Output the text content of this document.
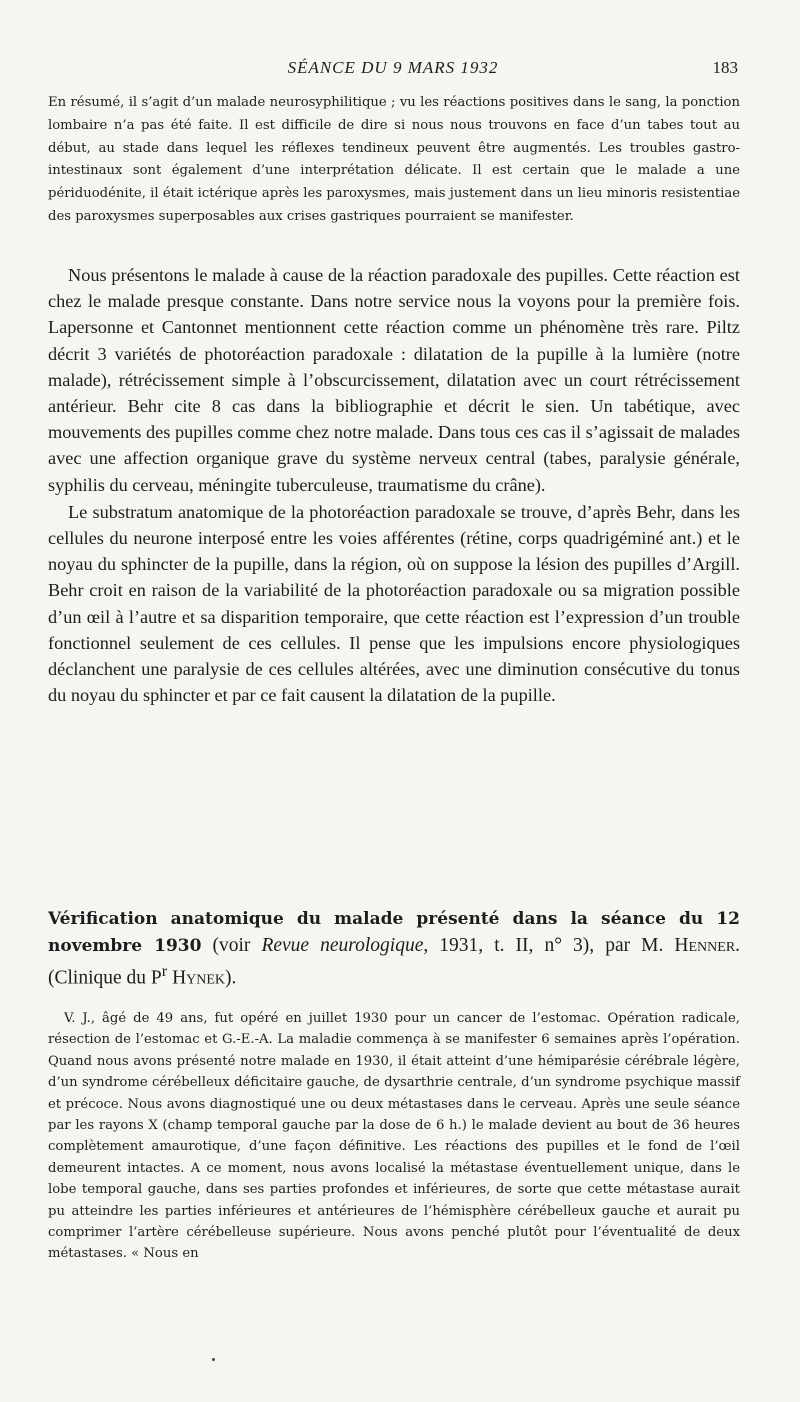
SÉANCE DU 9 MARS 1932	183

En résumé, il s’agit d’un malade neurosyphilitique ; vu les réactions positives dans le sang, la ponction lombaire n’a pas été faite. Il est difficile de dire si nous nous trouvons en face d’un tabes tout au début, au stade dans lequel les réflexes tendineux peuvent être augmentés. Les troubles gastro-intestinaux sont également d’une interprétation délicate. Il est certain que le malade a une périduodénite, il était ictérique après les paroxysmes, mais justement dans un lieu minoris resistentiae des paroxysmes superposables aux crises gastriques pourraient se manifester.

Nous présentons le malade à cause de la réaction paradoxale des pupilles. Cette réaction est chez le malade presque constante. Dans notre service nous la voyons pour la première fois. Lapersonne et Cantonnet mentionnent cette réaction comme un phénomène très rare. Piltz décrit 3 variétés de photoréaction paradoxale : dilatation de la pupille à la lumière (notre malade), rétrécissement simple à l’obscurcissement, dilatation avec un court rétrécissement antérieur. Behr cite 8 cas dans la bibliographie et décrit le sien. Un tabétique, avec mouvements des pupilles comme chez notre malade. Dans tous ces cas il s’agissait de malades avec une affection organique grave du système nerveux central (tabes, paralysie générale, syphilis du cerveau, méningite tuberculeuse, traumatisme du crâne).

Le substratum anatomique de la photoréaction paradoxale se trouve, d’après Behr, dans les cellules du neurone interposé entre les voies afférentes (rétine, corps quadrigéminé ant.) et le noyau du sphincter de la pupille, dans la région, où on suppose la lésion des pupilles d’Argill. Behr croit en raison de la variabilité de la photoréaction paradoxale ou sa migration possible d’un œil à l’autre et sa disparition temporaire, que cette réaction est l’expression d’un trouble fonctionnel seulement de ces cellules. Il pense que les impulsions encore physiologiques déclanchent une paralysie de ces cellules altérées, avec une diminution consécutive du tonus du noyau du sphincter et par ce fait causent la dilatation de la pupille.

Vérification anatomique du malade présenté dans la séance du 12 novembre 1930 (voir Revue neurologique, 1931, t. II, n° 3), par M. Henner. (Clinique du $P^r$ Hynek).

V. J., âgé de 49 ans, fut opéré en juillet 1930 pour un cancer de l’estomac. Opération radicale, résection de l’estomac et G.-E.-A. La maladie commença à se manifester 6 semaines après l’opération. Quand nous avons présenté notre malade en 1930, il était atteint d’une hémiparésie cérébrale légère, d’un syndrome cérébelleux déficitaire gauche, de dysarthrie centrale, d’un syndrome psychique massif et précoce. Nous avons diagnostiqué une ou deux métastases dans le cerveau. Après une seule séance par les rayons X (champ temporal gauche par la dose de 6 h.) le malade devient au bout de 36 heures complètement amaurotique, d’une façon définitive. Les réactions des pupilles et le fond de l’œil demeurent intactes. A ce moment, nous avons localisé la métastase éventuellement unique, dans le lobe temporal gauche, dans ses parties profondes et inférieures, de sorte que cette métastase aurait pu atteindre les parties inférieures et antérieures de l’hémisphère cérébelleux gauche et aurait pu comprimer l’artère cérébelleuse supérieure. Nous avons penché plutôt pour l’éventualité de deux métastases. « Nous en
